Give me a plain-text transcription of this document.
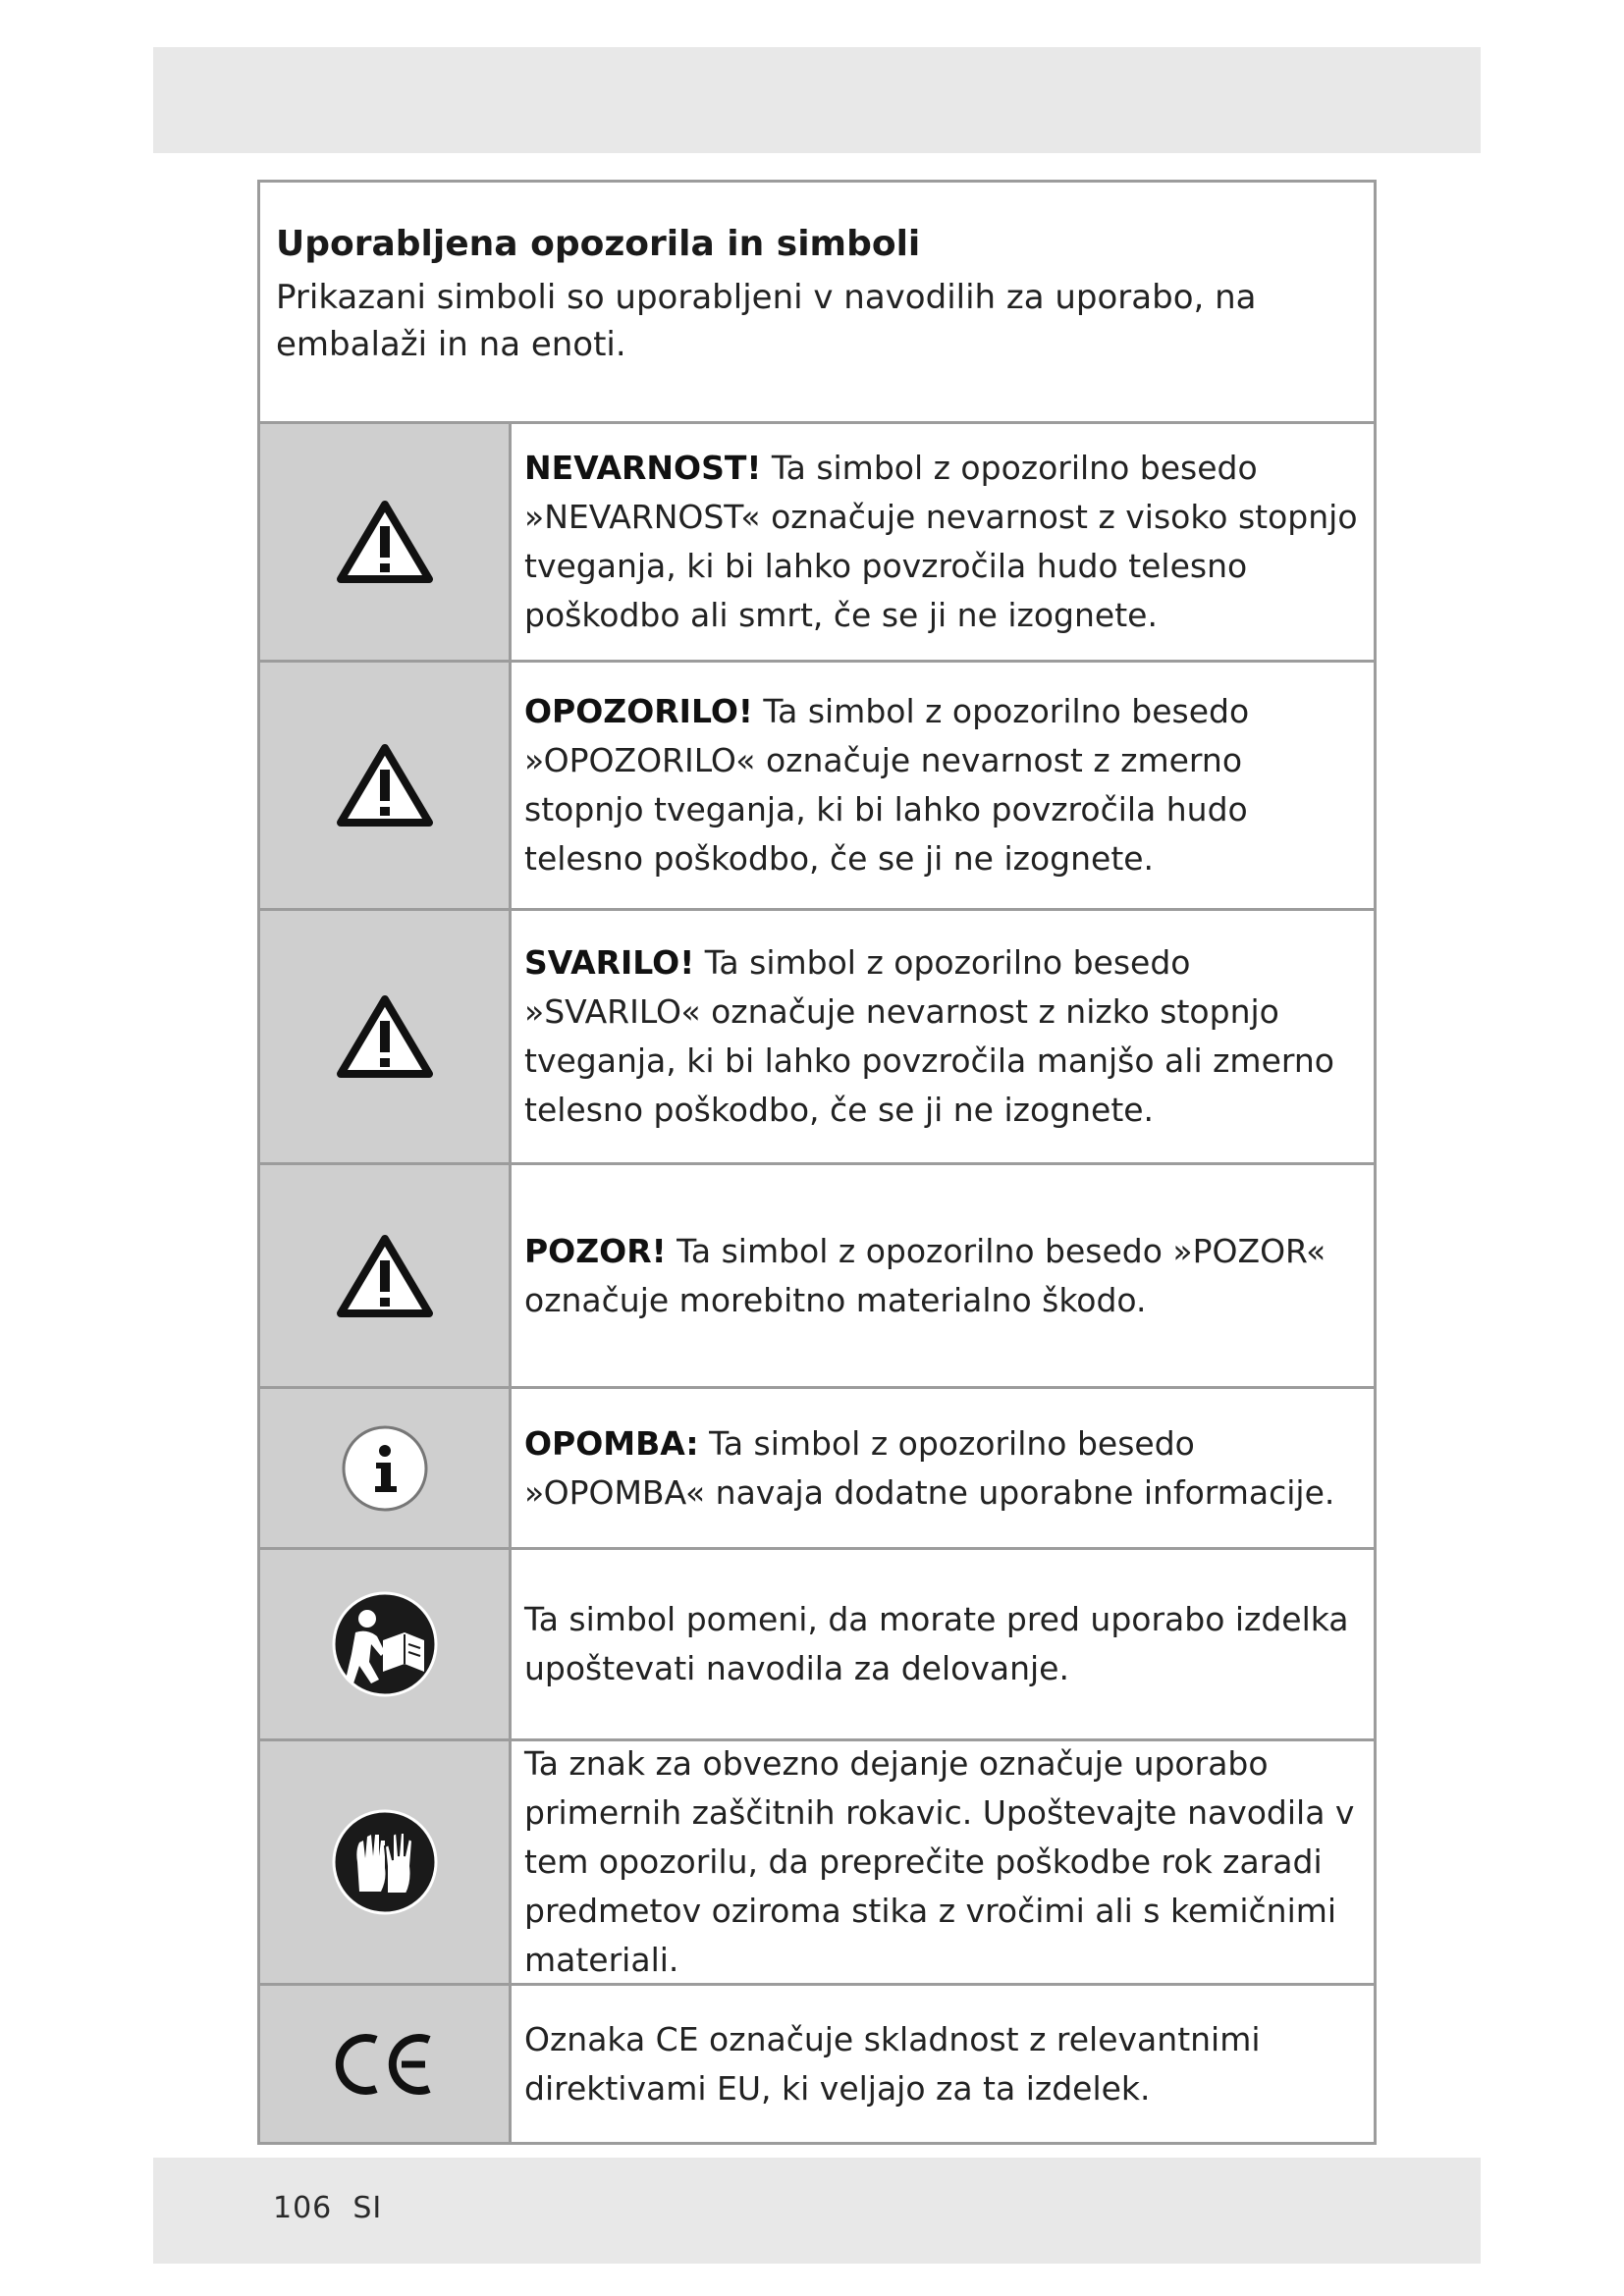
Uporabljena opozorila in simboli

Prikazani simboli so uporabljeni v navodilih za uporabo, na embalaži in na enoti.

NEVARNOST! Ta simbol z opozorilno besedo »NEVARNOST« označuje nevarnost z visoko stopnjo tveganja, ki bi lahko povzročila hudo telesno poškodbo ali smrt, če se ji ne izognete.

OPOZORILO! Ta simbol z opozorilno besedo »OPOZORILO« označuje nevarnost z zmerno stopnjo tveganja, ki bi lahko povzročila hudo telesno poškodbo, če se ji ne izognete.

SVARILO! Ta simbol z opozorilno besedo »SVARILO« označuje nevarnost z nizko stopnjo tveganja, ki bi lahko povzročila manjšo ali zmerno telesno poškodbo, če se ji ne izognete.

POZOR! Ta simbol z opozorilno besedo »POZOR« označuje morebitno materialno škodo.

OPOMBA: Ta simbol z opozorilno besedo »OPOMBA« navaja dodatne uporabne informacije.

Ta simbol pomeni, da morate pred uporabo izdelka upoštevati navodila za delovanje.

Ta znak za obvezno dejanje označuje uporabo primernih zaščitnih rokavic. Upoštevajte navodila v tem opozorilu, da preprečite poškodbe rok zaradi predmetov oziroma stika z vročimi ali s kemičnimi materiali.

Oznaka CE označuje skladnost z relevantnimi direktivami EU, ki veljajo za ta izdelek.

106 SI
